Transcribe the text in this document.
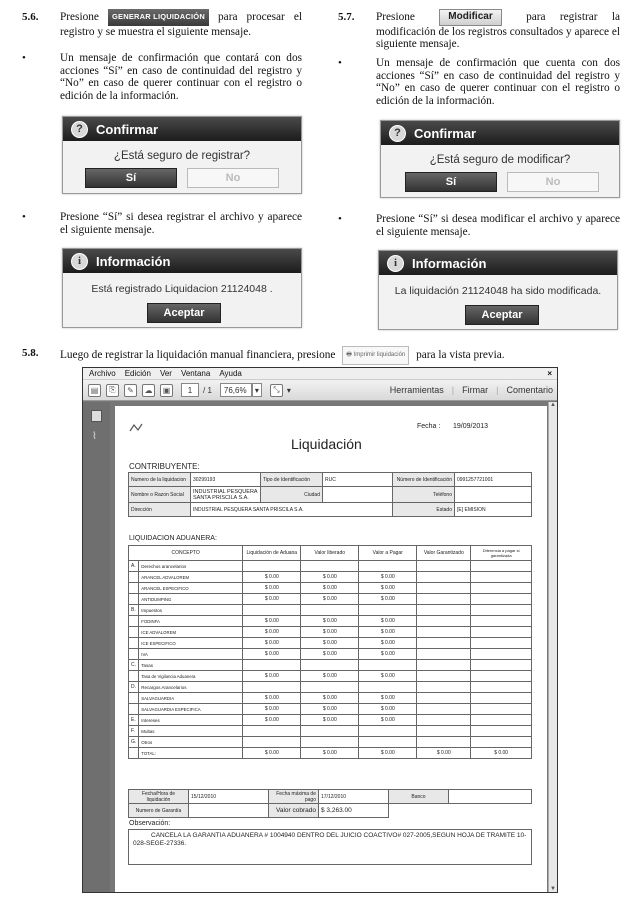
5.6. Presione GENERAR LIQUIDACIÓN para procesar el registro y se muestra el siguiente mensaje.
•	Un mensaje de confirmación que contará con dos acciones “Sí” en caso de continuidad del registro y “No” en caso de querer continuar con el registro o edición de la información.
?	Confirmar
¿Está seguro de registrar?
Sí	No
•	Presione “Sí” si desea registrar el archivo y aparece el siguiente mensaje.
i	Información
Está registrado Liquidacion 21124048 .
Aceptar
5.7. Presione	Modificar	para registrar la modificación de los registros consultados y aparece el siguiente mensaje.
•	Un mensaje de confirmación que cuenta con dos acciones “Sí” en caso de continuidad del registro y “No” en caso de querer continuar con el registro o edición de la información.
?	Confirmar
¿Está seguro de modificar?
Sí	No
•	Presione “Sí” si desea modificar el archivo y aparece el siguiente mensaje.
i	Información
La liquidación 21124048 ha sido modificada.
Aceptar
5.8. Luego de registrar la liquidación manual financiera, presione 🖶 Imprimir liquidación para la vista previa.
Archivo Edición Ver Ventana Ayuda	×
▤	⎘	✎	☁	▣	1	/ 1	76,6%	▾	⤡ ▾	Herramientas | Firmar | Comentario
⌇
▲
▼
Fecha : 19/09/2013
Liquidación
CONTRIBUYENTE:
Numero de la liquidacion	30299193	Tipo de Identificación	RUC	Número de Identificación	0991257721001
Nombre o Razon Social	INDUSTRIAL PESQUERA SANTA PRISCILA S.A.	Ciudad		Teléfono	
Dirección	INDUSTRIAL PESQUERA SANTA PRISCILA S.A.			Estado	[E] EMISION
LIQUIDACION ADUANERA:
CONCEPTO		Liquidación de Aduana	Valor liberado	Valor a Pagar	Valor Garantizado	Diferencia a pagar si garantizada
A.	Derechos arancelarios					
	ARANCEL ADVALOREM	$ 0.00	$ 0.00	$ 0.00		
	ARANCEL ESPECIFICO	$ 0.00	$ 0.00	$ 0.00		
	ANTIDUMPING	$ 0.00	$ 0.00	$ 0.00		
B.	Impuestos					
	FODINFA	$ 0.00	$ 0.00	$ 0.00		
	ICE ADVALOREM	$ 0.00	$ 0.00	$ 0.00		
	ICE ESPECIFICO	$ 0.00	$ 0.00	$ 0.00		
	IVA	$ 0.00	$ 0.00	$ 0.00		
C.	Tasas					
	Tasa de Vigilancia Aduanera	$ 0.00	$ 0.00	$ 0.00		
D.	Recargos Arancelarios					
	SALVAGUARDIA	$ 0.00	$ 0.00	$ 0.00		
	SALVAGUARDIA ESPECIFICA	$ 0.00	$ 0.00	$ 0.00		
E.	Intereses	$ 0.00	$ 0.00	$ 0.00		
F.	Multas					
G.	Otros					
	TOTAL:	$ 0.00	$ 0.00	$ 0.00	$ 0.00	$ 0.00
Fecha/Hora de liquidación	15/12/2010	Fecha máxima de pago	17/12/2010	Banco	
Numero de Garantía		Valor cobrado	$ 3,263.00		
Observación:
CANCELA LA GARANTIA ADUANERA # 1004940 DENTRO DEL JUICIO COACTIVO# 027-2005,SEGUN HOJA DE TRAMITE 10-028-SEGE-27336.
